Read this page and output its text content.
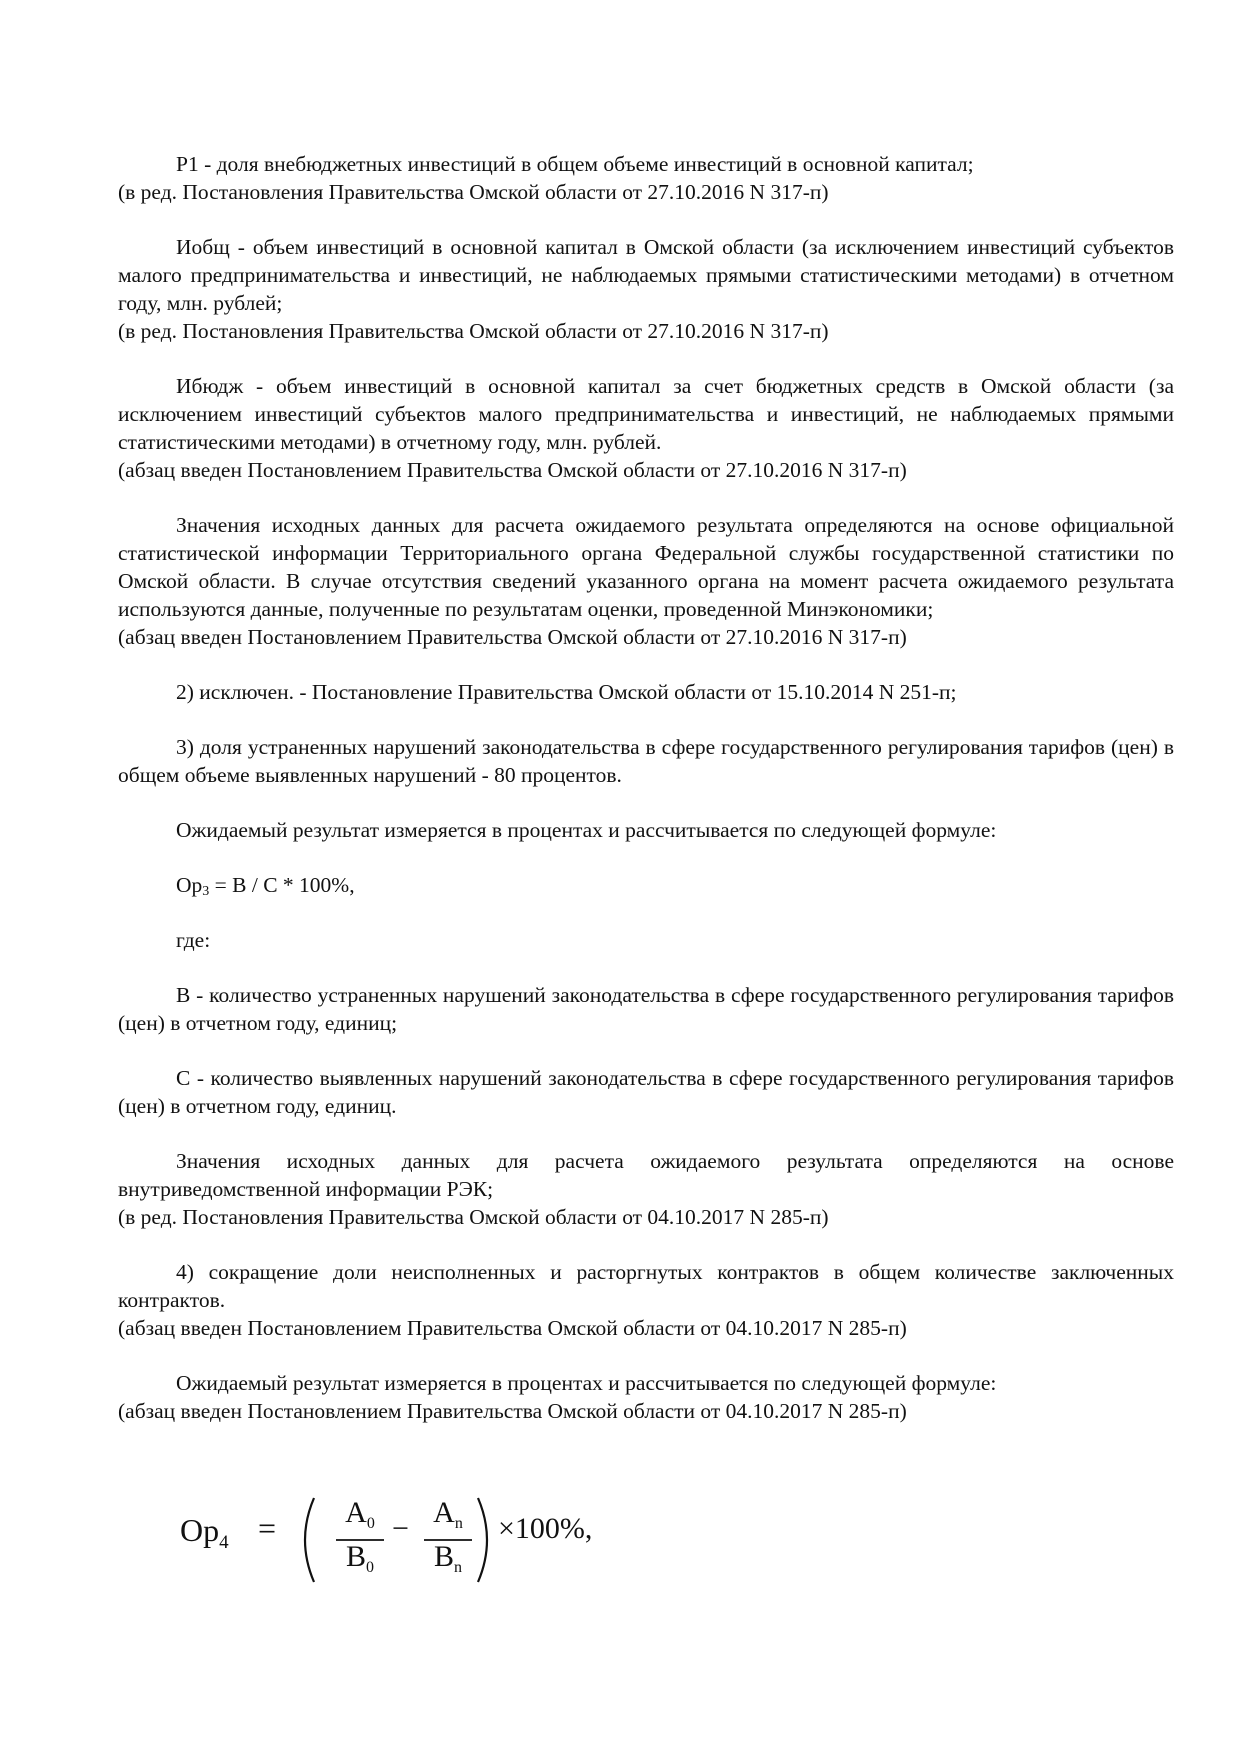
Р1 - доля внебюджетных инвестиций в общем объеме инвестиций в основной капитал;

(в ред. Постановления Правительства Омской области от 27.10.2016 N 317-п)

Иобщ - объем инвестиций в основной капитал в Омской области (за исключением инвестиций субъектов малого предпринимательства и инвестиций, не наблюдаемых прямыми статистическими методами) в отчетном году, млн. рублей;

(в ред. Постановления Правительства Омской области от 27.10.2016 N 317-п)

Ибюдж - объем инвестиций в основной капитал за счет бюджетных средств в Омской области (за исключением инвестиций субъектов малого предпринимательства и инвестиций, не наблюдаемых прямыми статистическими методами) в отчетному году, млн. рублей.

(абзац введен Постановлением Правительства Омской области от 27.10.2016 N 317-п)

Значения исходных данных для расчета ожидаемого результата определяются на основе официальной статистической информации Территориального органа Федеральной службы государственной статистики по Омской области. В случае отсутствия сведений указанного органа на момент расчета ожидаемого результата используются данные, полученные по результатам оценки, проведенной Минэкономики;

(абзац введен Постановлением Правительства Омской области от 27.10.2016 N 317-п)

2) исключен. - Постановление Правительства Омской области от 15.10.2014 N 251-п;

3) доля устраненных нарушений законодательства в сфере государственного регулирования тарифов (цен) в общем объеме выявленных нарушений - 80 процентов.

Ожидаемый результат измеряется в процентах и рассчитывается по следующей формуле:

$Ор_3 = В / С * 100\%$,

где:

В - количество устраненных нарушений законодательства в сфере государственного регулирования тарифов (цен) в отчетном году, единиц;

С - количество выявленных нарушений законодательства в сфере государственного регулирования тарифов (цен) в отчетном году, единиц.

Значения исходных данных для расчета ожидаемого результата определяются на основе внутриведомственной информации РЭК;

(в ред. Постановления Правительства Омской области от 04.10.2017 N 285-п)

4) сокращение доли неисполненных и расторгнутых контрактов в общем количестве заключенных контрактов.

(абзац введен Постановлением Правительства Омской области от 04.10.2017 N 285-п)

Ожидаемый результат измеряется в процентах и рассчитывается по следующей формуле:

(абзац введен Постановлением Правительства Омской области от 04.10.2017 N 285-п)

$Ор_4 = А_0$
$В_0$
− $А_n$
$В_n$
×100%,
